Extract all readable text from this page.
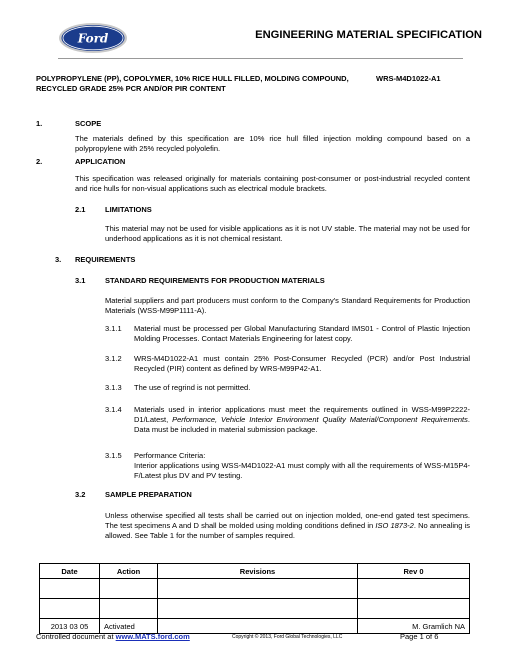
Ford	ENGINEERING MATERIAL SPECIFICATION
POLYPROPYLENE (PP), COPOLYMER, 10% RICE HULL FILLED, MOLDING COMPOUND, RECYCLED GRADE 25% PCR AND/OR PIR CONTENT
WRS-M4D1022-A1
1.	SCOPE
The materials defined by this specification are 10% rice hull filled injection molding compound based on a polypropylene with 25% recycled polyolefin.
2.	APPLICATION
This specification was released originally for materials containing post-consumer or post-industrial recycled content and rice hulls for non-visual applications such as electrical module brackets.
2.1	LIMITATIONS
This material may not be used for visible applications as it is not UV stable. The material may not be used for underhood applications as it is not chemical resistant.
3. REQUIREMENTS
3.1	STANDARD REQUIREMENTS FOR PRODUCTION MATERIALS
Material suppliers and part producers must conform to the Company's Standard Requirements for Production Materials (WSS-M99P1111-A).
3.1.1 Material must be processed per Global Manufacturing Standard IMS01 - Control of Plastic Injection Molding Processes. Contact Materials Engineering for latest copy.
3.1.2 WRS-M4D1022-A1 must contain 25% Post-Consumer Recycled (PCR) and/or Post Industrial Recycled (PIR) content as defined by WRS-M99P42-A1.
3.1.3 The use of regrind is not permitted.
3.1.4 Materials used in interior applications must meet the requirements outlined in WSS-M99P2222-D1/Latest, Performance, Vehicle Interior Environment Quality Material/Component Requirements. Data must be included in material submission package.
3.1.5 Performance Criteria:
Interior applications using WSS-M4D1022-A1 must comply with all the requirements of WSS-M15P4-F/Latest plus DV and PV testing.
3.2	SAMPLE PREPARATION
Unless otherwise specified all tests shall be carried out on injection molded, one-end gated test specimens. The test specimens A and D shall be molded using molding conditions defined in ISO 1873-2. No annealing is allowed. See Table 1 for the number of samples required.
Date	Action	Revisions	Rev 0

2013 03 05	Activated		M. Gramlich NA
Controlled document at www.MATS.ford.com	Copyright © 2013, Ford Global Technologies, LLC	Page 1 of 6
